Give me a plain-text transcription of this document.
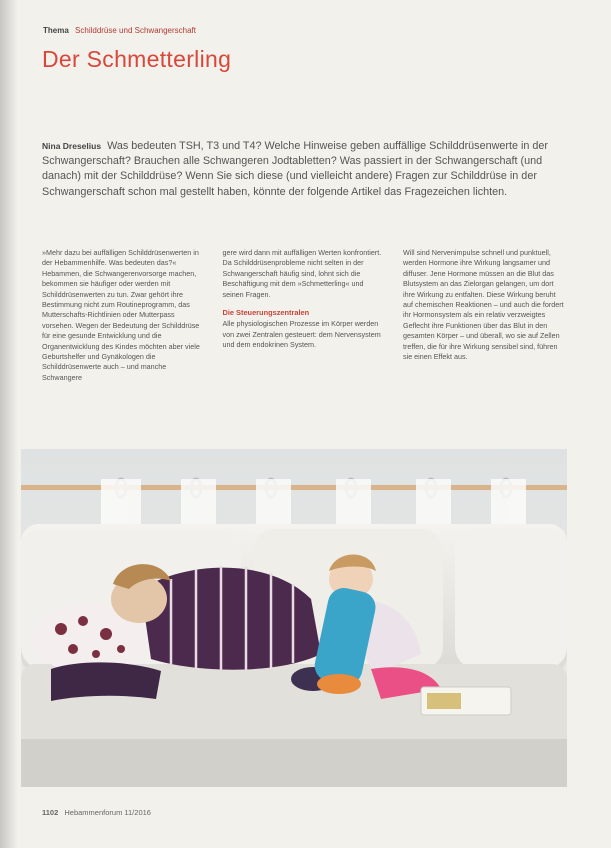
Thema Schilddrüse und Schwangerschaft
Der Schmetterling
Nina Dreselius Was bedeuten TSH, T3 und T4? Welche Hinweise geben auffällige Schilddrüsenwerte in der Schwangerschaft? Brauchen alle Schwangeren Jodtabletten? Was passiert in der Schwangerschaft (und danach) mit der Schilddrüse? Wenn Sie sich diese (und vielleicht andere) Fragen zur Schilddrüse in der Schwangerschaft schon mal gestellt haben, könnte der folgende Artikel das Fragezeichen lichten.

»Mehr dazu bei auffälligen Schilddrüsenwerten in der Hebammenhilfe. Was bedeuten das?« Hebammen, die Schwangerenvorsorge machen, bekommen sie häufiger oder werden mit Schilddrüsenwerten zu tun. Zwar gehört ihre Bestimmung nicht zum Routineprogramm, das Mutterschafts-Richtlinien oder Mutterpass vorsehen. Wegen der Bedeutung der Schilddrüse für eine gesunde Entwicklung und die Organentwicklung des Kindes möchten aber viele Geburtshelfer und Gynäkologen die Schilddrüsenwerte auch – und manche Schwangere

gere wird dann mit auffälligen Werten konfrontiert.

Da Schilddrüsenprobleme nicht selten in der Schwangerschaft häufig sind, lohnt sich die Beschäftigung mit dem »Schmetterling« und seinen Fragen.

Die Steuerungszentralen

Alle physiologischen Prozesse im Körper werden von zwei Zentralen gesteuert: dem Nervensystem und dem endokrinen System.

Will sind Nervenimpulse schnell und punktuell, werden Hormone ihre Wirkung langsamer und diffuser. Jene Hormone müssen an die Blut das Blutsystem an das Zielorgan gelangen, um dort ihre Wirkung zu entfalten. Diese Wirkung beruht auf chemischen Reaktionen – und auch die fordert ihr Hormonsystem als ein relativ verzweigtes Geflecht ihre Funktionen über das Blut in den gesamten Körper – und überall, wo sie auf Zellen treffen, die für ihre Wirkung sensibel sind, führen sie einen Effekt aus.

1102 Hebammenforum 11/2016
